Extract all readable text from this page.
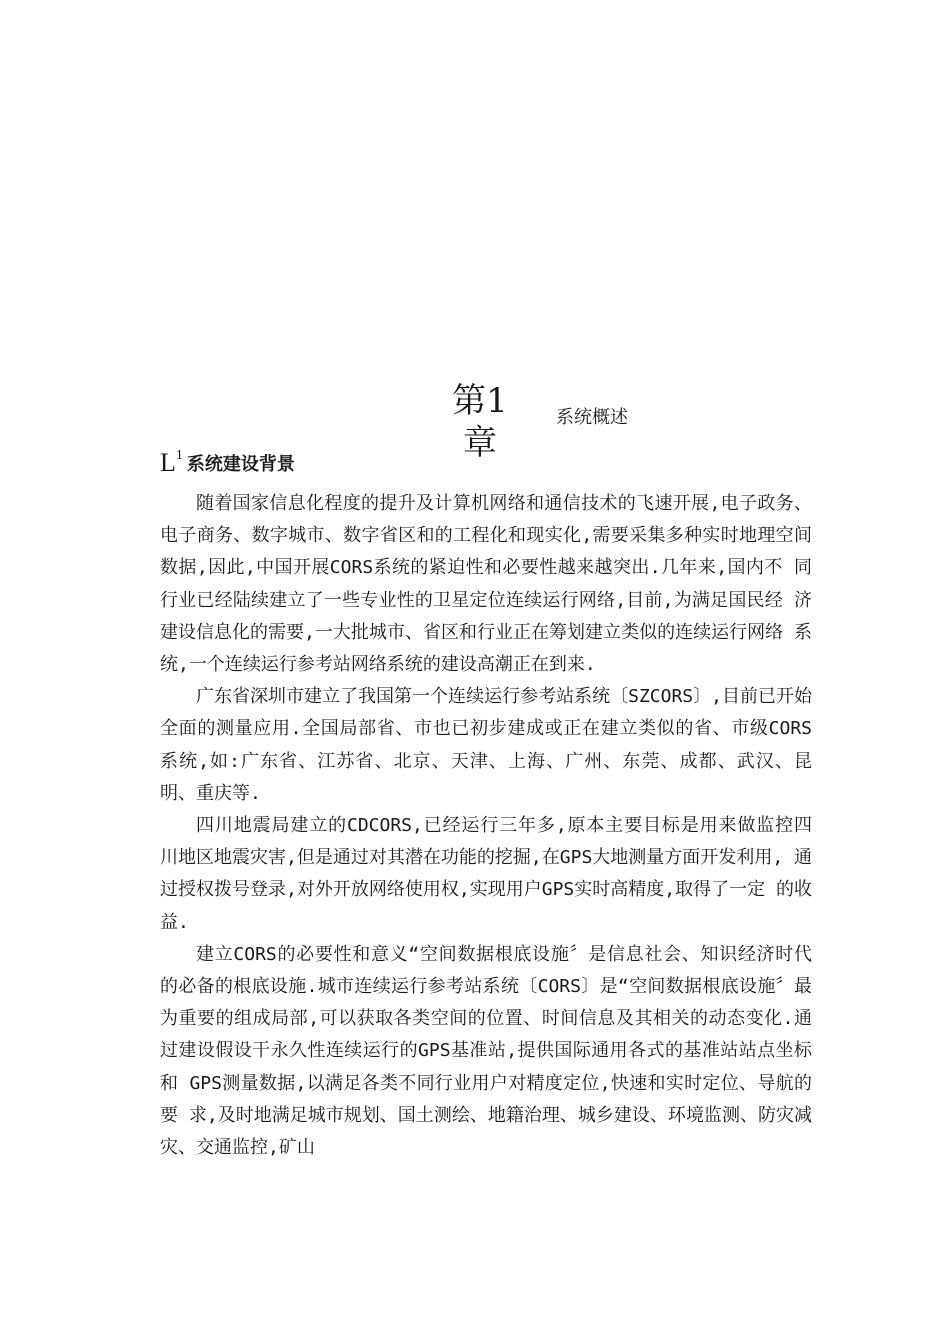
第1章
系统概述
$L^1$ 系统建设背景

随着国家信息化程度的提升及计算机网络和通信技术的飞速开展,电子政务、 电子商务、数字城市、数字省区和的工程化和现实化,需要采集多种实时地理空间 数据,因此,中国开展CORS系统的紧迫性和必要性越来越突出.几年来,国内不 同行业已经陆续建立了一些专业性的卫星定位连续运行网络,目前,为满足国民经 济建设信息化的需要,一大批城市、省区和行业正在筹划建立类似的连续运行网络 系统,一个连续运行参考站网络系统的建设高潮正在到来.

广东省深圳市建立了我国第一个连续运行参考站系统〔SZCORS〕,目前已开始 全面的测量应用.全国局部省、市也已初步建成或正在建立类似的省、市级CORS 系统,如:广东省、江苏省、北京、天津、上海、广州、东莞、成都、武汉、昆 明、重庆等.

四川地震局建立的CDCORS,已经运行三年多,原本主要目标是用来做监控四 川地区地震灾害,但是通过对其潜在功能的挖掘,在GPS大地测量方面开发利用, 通过授权拨号登录,对外开放网络使用权,实现用户GPS实时高精度,取得了一定 的收益.

建立CORS的必要性和意义“空间数据根底设施〞是信息社会、知识经济时代 的必备的根底设施.城市连续运行参考站系统〔CORS〕是“空间数据根底设施〞最 为重要的组成局部,可以获取各类空间的位置、时间信息及其相关的动态变化.通 过建设假设干永久性连续运行的GPS基准站,提供国际通用各式的基准站站点坐标和 GPS测量数据,以满足各类不同行业用户对精度定位,快速和实时定位、导航的要 求,及时地满足城市规划、国土测绘、地籍治理、城乡建设、环境监测、防灾减 灾、交通监控,矿山
